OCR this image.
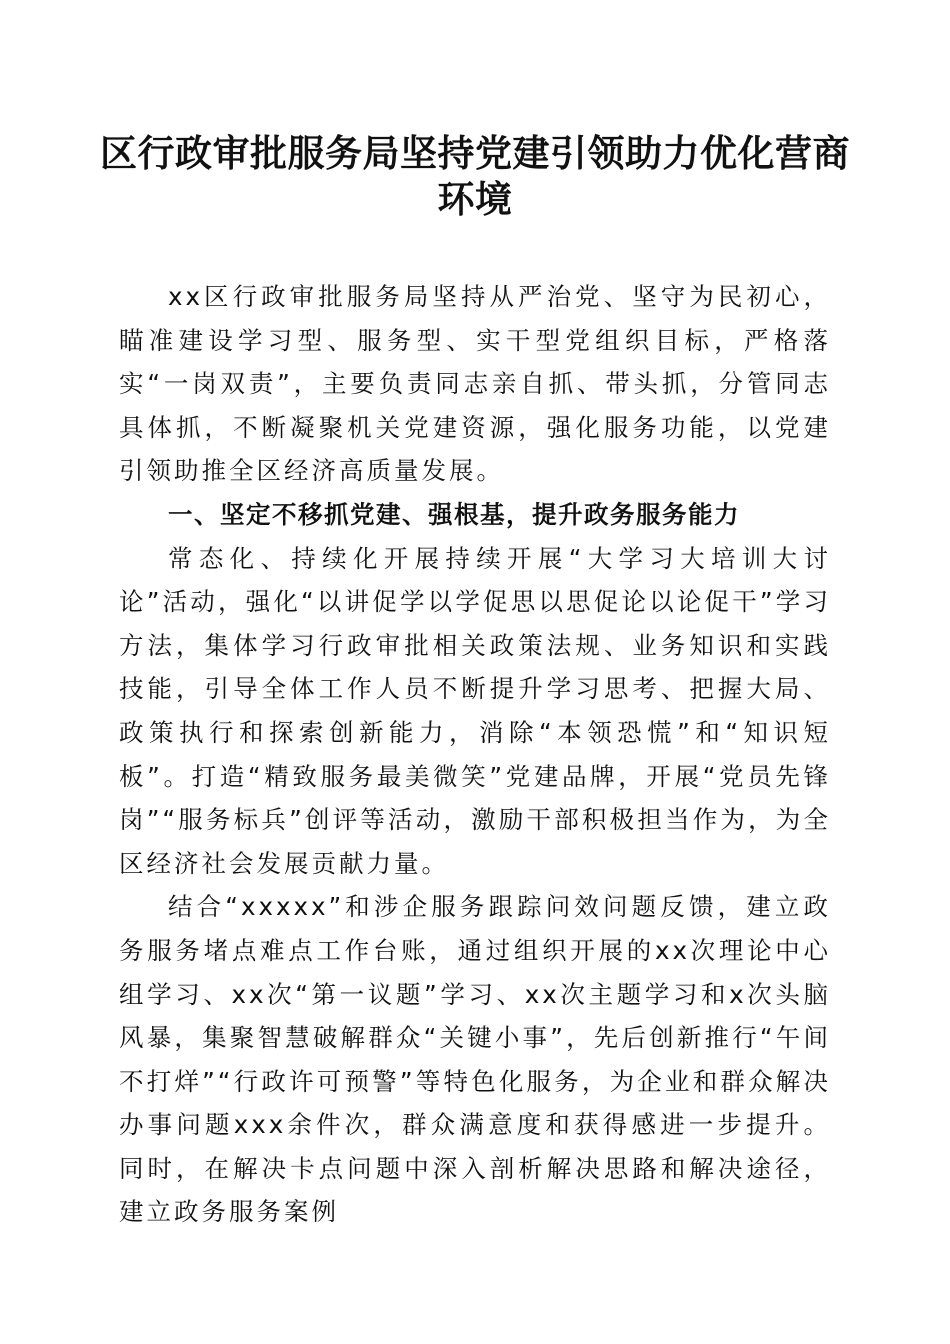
区行政审批服务局坚持党建引领助力优化营商环境

xx区行政审批服务局坚持从严治党、坚守为民初心，瞄准建设学习型、服务型、实干型党组织目标，严格落实“一岗双责”，主要负责同志亲自抓、带头抓，分管同志具体抓，不断凝聚机关党建资源，强化服务功能，以党建引领助推全区经济高质量发展。

一、坚定不移抓党建、强根基，提升政务服务能力

常态化、持续化开展持续开展“大学习大培训大讨论”活动，强化“以讲促学以学促思以思促论以论促干”学习方法，集体学习行政审批相关政策法规、业务知识和实践技能，引导全体工作人员不断提升学习思考、把握大局、政策执行和探索创新能力，消除“本领恐慌”和“知识短板”。打造“精致服务最美微笑”党建品牌，开展“党员先锋岗”“服务标兵”创评等活动，激励干部积极担当作为，为全区经济社会发展贡献力量。

结合“xxxxx”和涉企服务跟踪问效问题反馈，建立政务服务堵点难点工作台账，通过组织开展的xx次理论中心组学习、xx次“第一议题”学习、xx次主题学习和x次头脑风暴，集聚智慧破解群众“关键小事”，先后创新推行“午间不打烊”“行政许可预警”等特色化服务，为企业和群众解决办事问题xxx余件次，群众满意度和获得感进一步提升。同时，在解决卡点问题中深入剖析解决思路和解决途径，建立政务服务案例
